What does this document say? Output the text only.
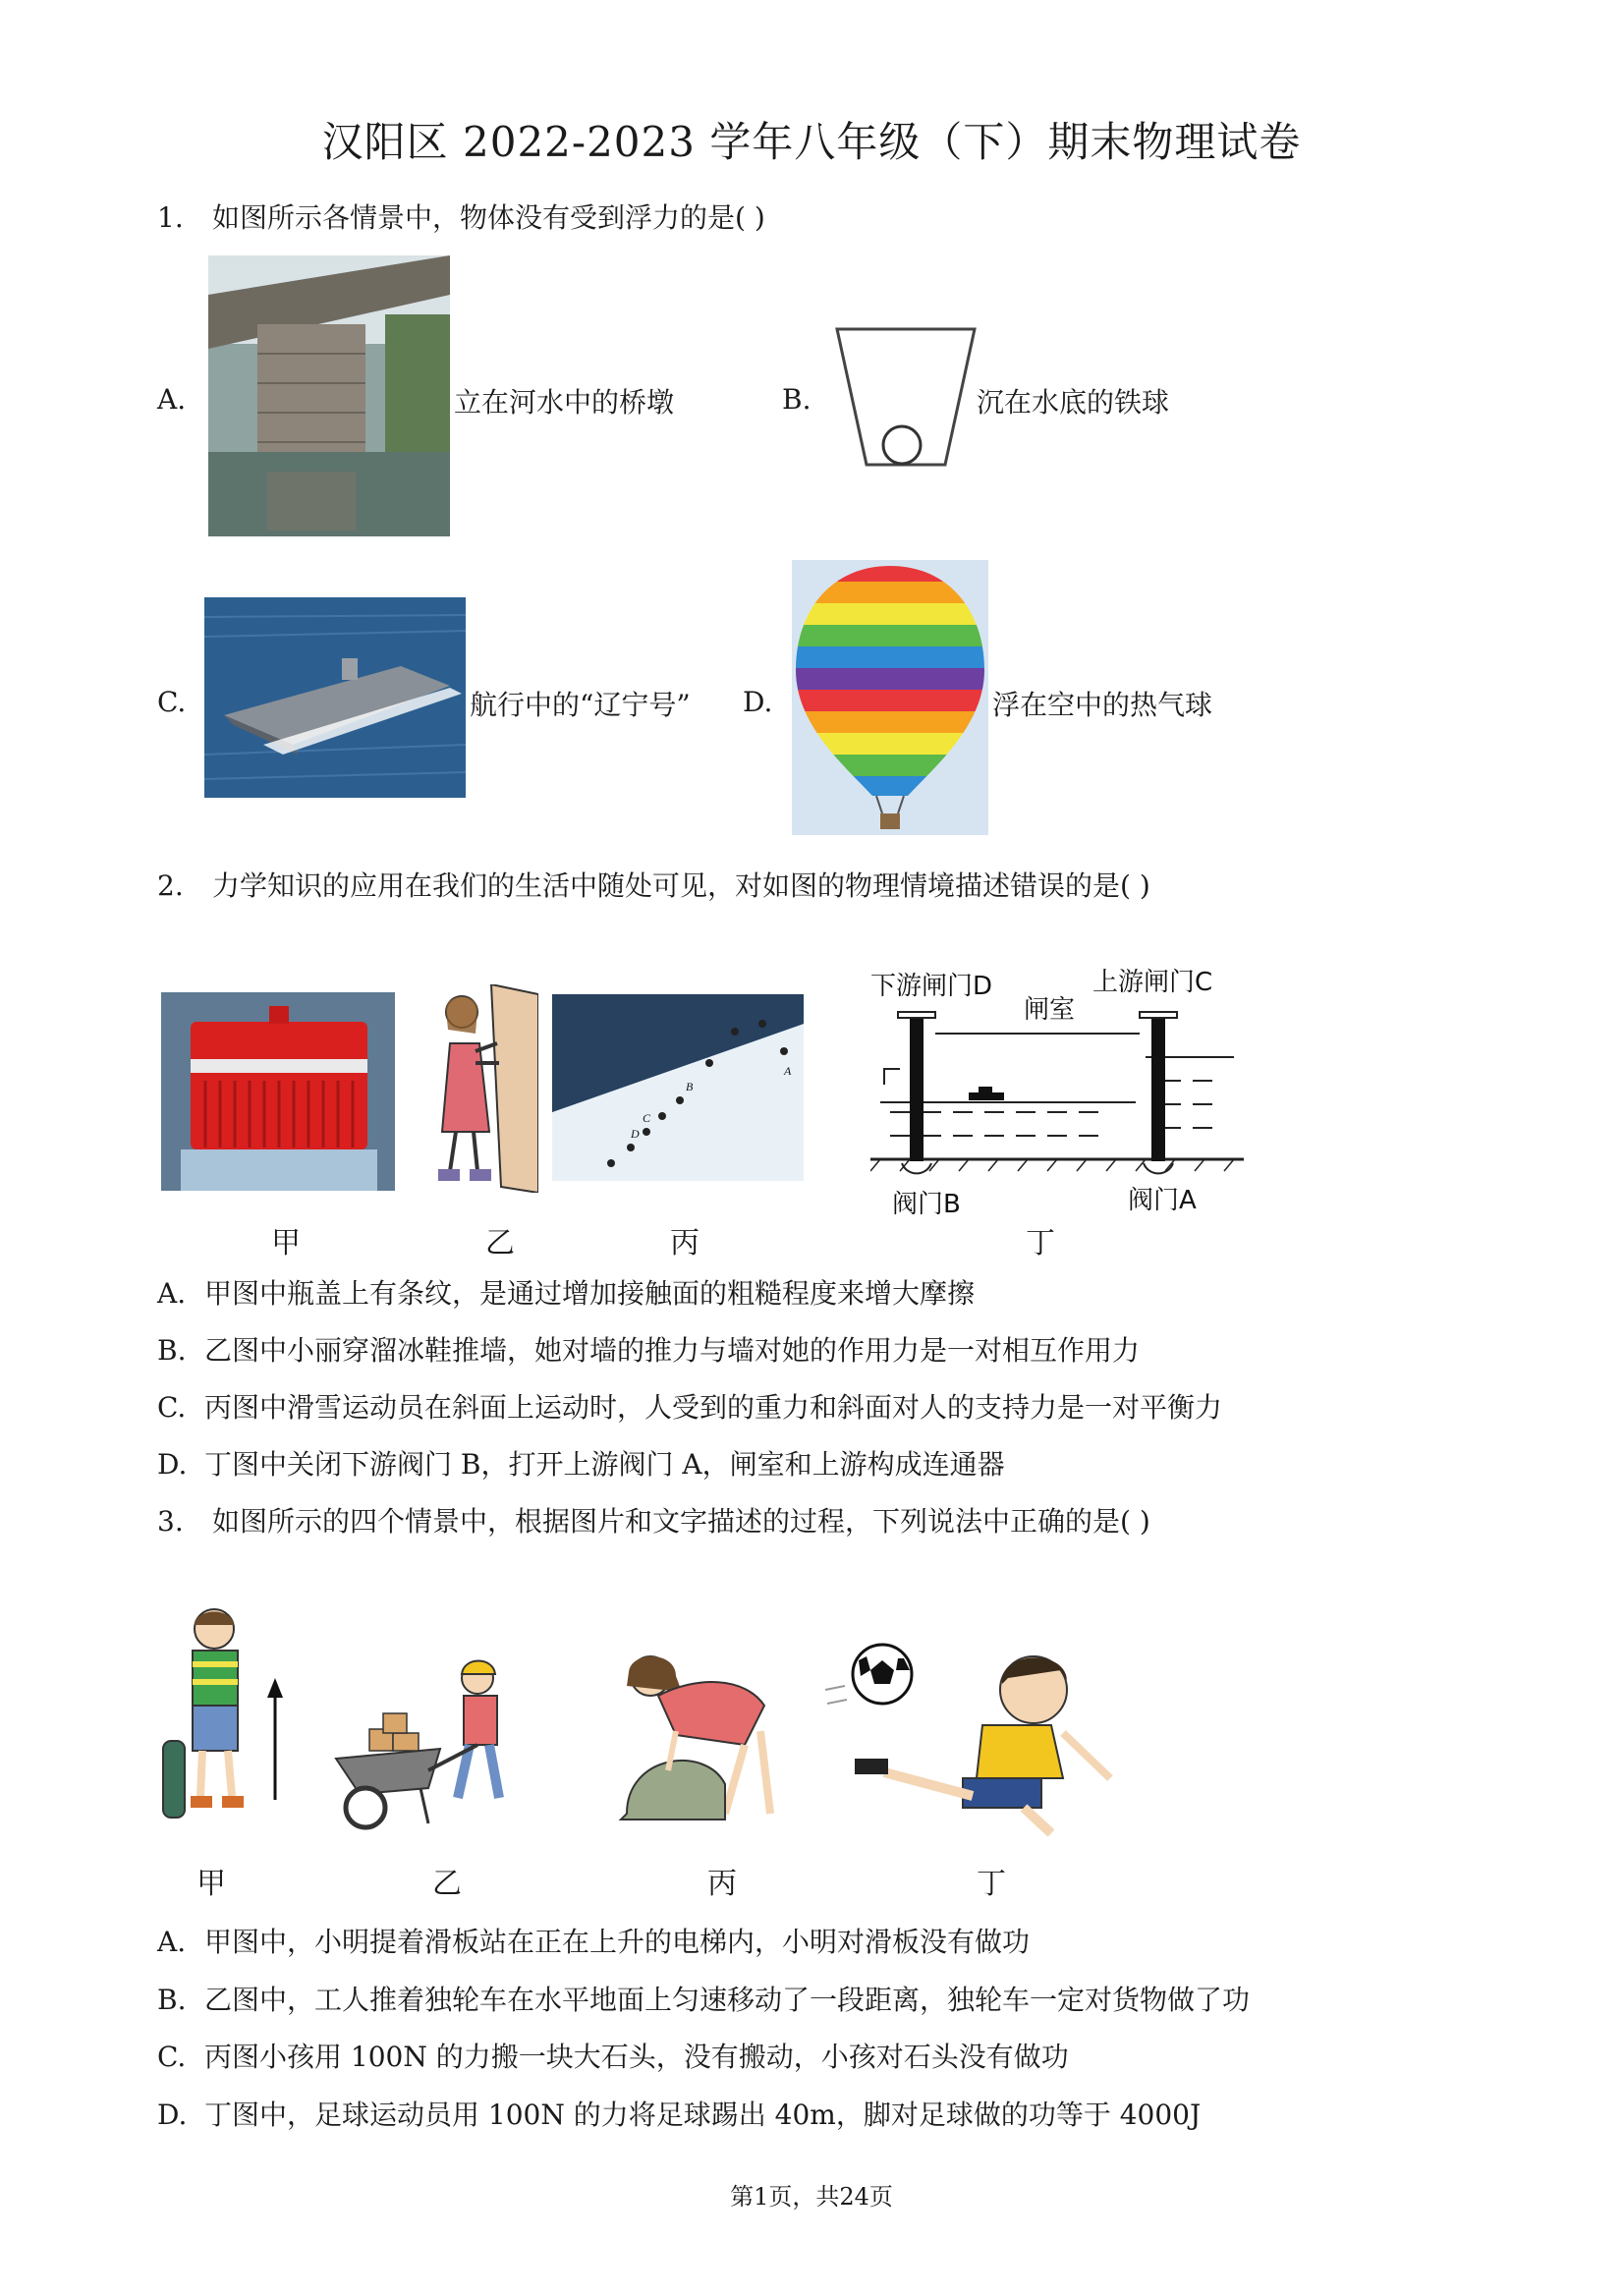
汉阳区 2022-2023 学年八年级（下）期末物理试卷
1. 如图所示各情景中，物体没有受到浮力的是( )
A.	立在河水中的桥墩	B.	沉在水底的铁球
C.	航行中的“辽宁号” D.	浮在空中的热气球
2. 力学知识的应用在我们的生活中随处可见，对如图的物理情境描述错误的是( )
甲	乙
A
B
C
D
丙
下游闸门D
闸室
上游闸门C
阀门B	阀门A
丁
A. 甲图中瓶盖上有条纹，是通过增加接触面的粗糙程度来增大摩擦
B. 乙图中小丽穿溜冰鞋推墙，她对墙的推力与墙对她的作用力是一对相互作用力
C. 丙图中滑雪运动员在斜面上运动时，人受到的重力和斜面对人的支持力是一对平衡力
D. 丁图中关闭下游阀门 B，打开上游阀门 A，闸室和上游构成连通器
3. 如图所示的四个情景中，根据图片和文字描述的过程，下列说法中正确的是( )
甲	乙	丙	丁
A. 甲图中，小明提着滑板站在正在上升的电梯内，小明对滑板没有做功
B. 乙图中，工人推着独轮车在水平地面上匀速移动了一段距离，独轮车一定对货物做了功
C. 丙图小孩用 100N 的力搬一块大石头，没有搬动，小孩对石头没有做功
D. 丁图中，足球运动员用 100N 的力将足球踢出 40m，脚对足球做的功等于 4000J
第1页，共24页
